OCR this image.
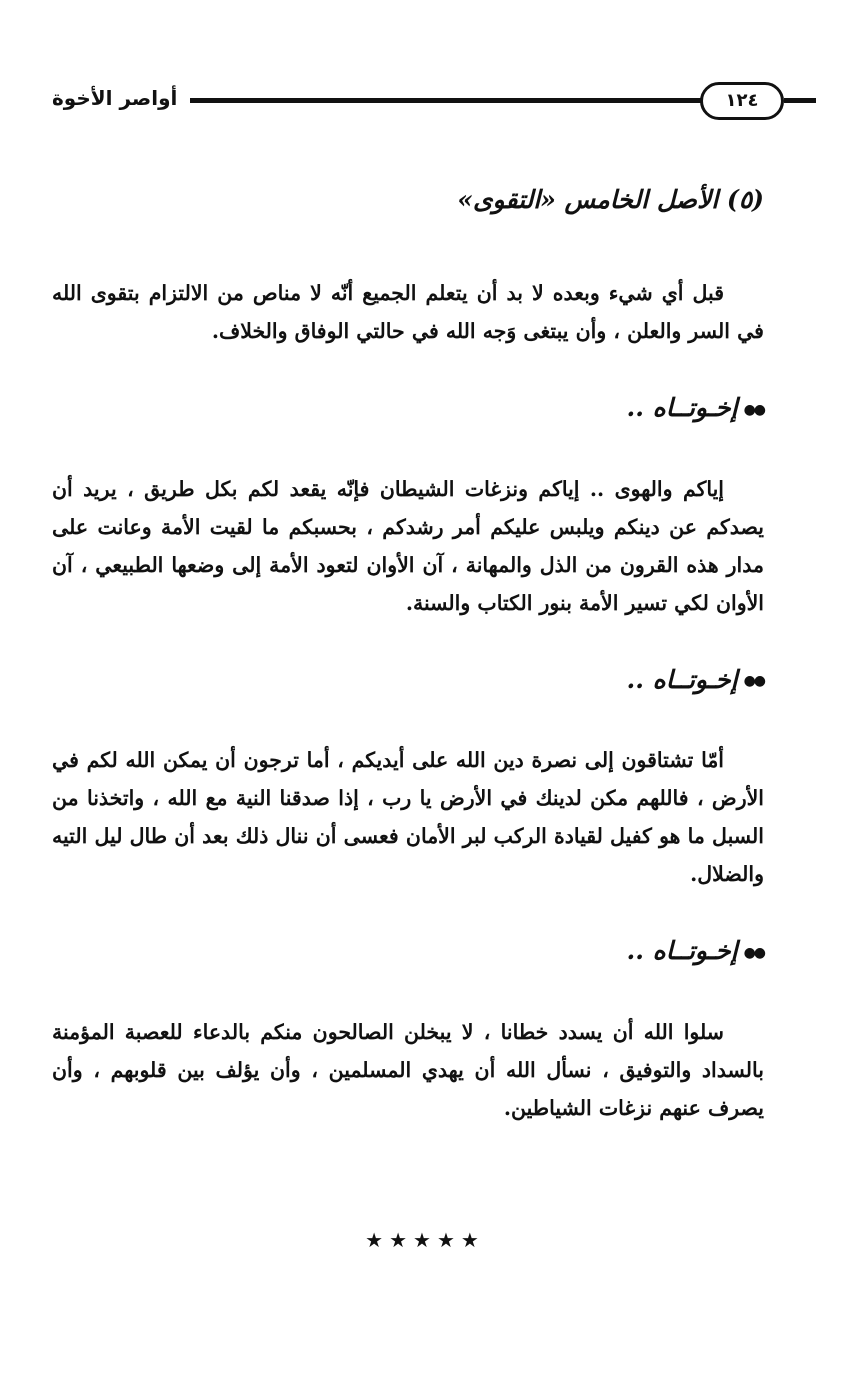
أواصر الأخوة	١٢٤
(٥) الأصل الخامس «التقوى»

قبل أي شيء وبعده لا بد أن يتعلم الجميع أنّه لا مناص من الالتزام بتقوى الله في السر والعلن ، وأن يبتغى وَجه الله في حالتي الوفاق والخلاف.

●●إخـوتــاه ..

إياكم والهوى .. إياكم ونزغات الشيطان فإنّه يقعد لكم بكل طريق ، يريد أن يصدكم عن دينكم ويلبس عليكم أمر رشدكم ، بحسبكم ما لقيت الأمة وعانت على مدار هذه القرون من الذل والمهانة ، آن الأوان لتعود الأمة إلى وضعها الطبيعي ، آن الأوان لكي تسير الأمة بنور الكتاب والسنة.

●●إخـوتــاه ..

أمّا تشتاقون إلى نصرة دين الله على أيديكم ، أما ترجون أن يمكن الله لكم في الأرض ، فاللهم مكن لدينك في الأرض يا رب ، إذا صدقنا النية مع الله ، واتخذنا من السبل ما هو كفيل لقيادة الركب لبر الأمان فعسى أن ننال ذلك بعد أن طال ليل التيه والضلال.

●●إخـوتــاه ..

سلوا الله أن يسدد خطانا ، لا يبخلن الصالحون منكم بالدعاء للعصبة المؤمنة بالسداد والتوفيق ، نسأل الله أن يهدي المسلمين ، وأن يؤلف بين قلوبهم ، وأن يصرف عنهم نزغات الشياطين.

★★★★★
